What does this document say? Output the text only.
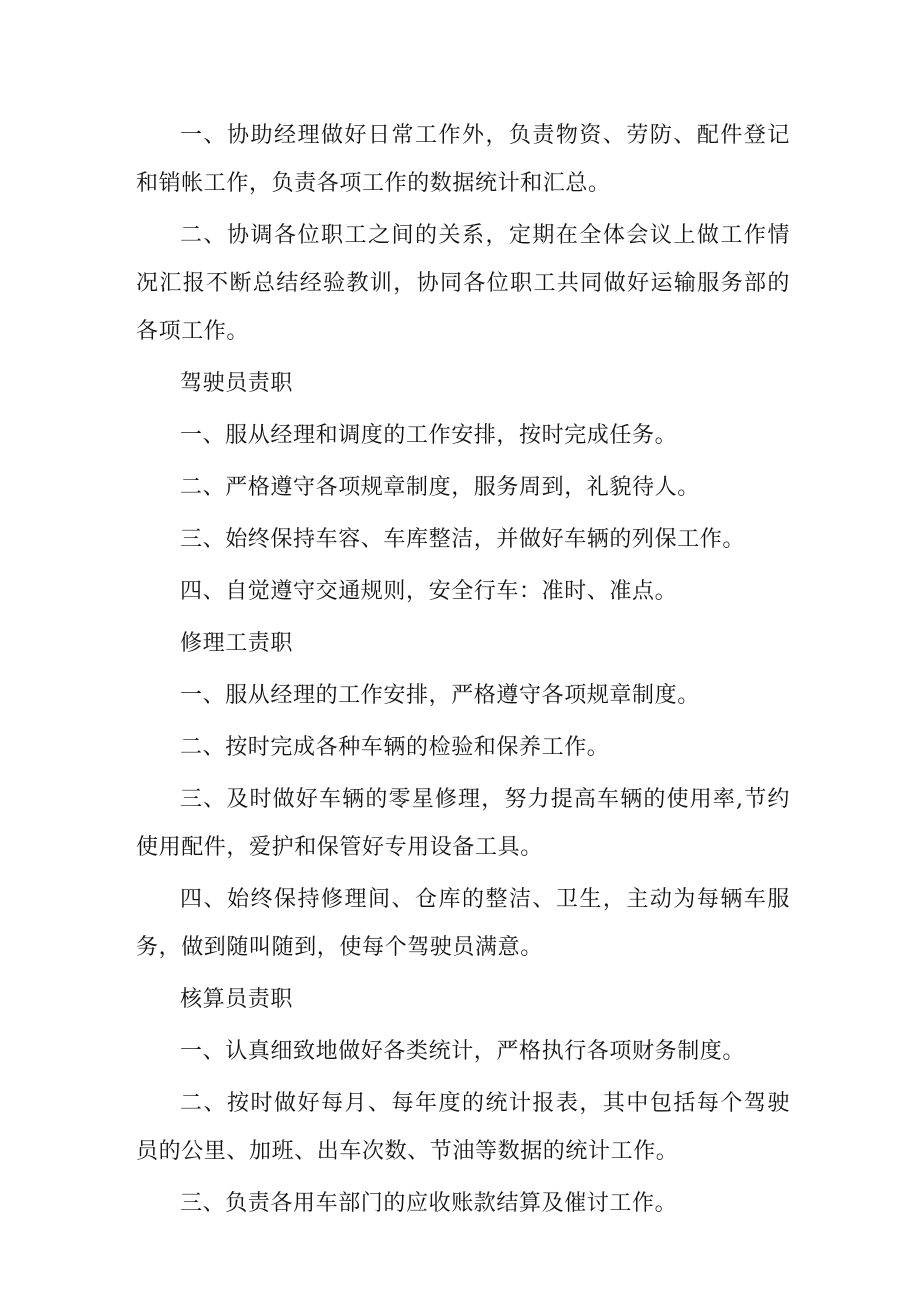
一、协助经理做好日常工作外，负责物资、劳防、配件登记和销帐工作，负责各项工作的数据统计和汇总。

二、协调各位职工之间的关系，定期在全体会议上做工作情况汇报不断总结经验教训，协同各位职工共同做好运输服务部的各项工作。

驾驶员责职

一、服从经理和调度的工作安排，按时完成任务。

二、严格遵守各项规章制度，服务周到，礼貌待人。

三、始终保持车容、车库整洁，并做好车辆的列保工作。

四、自觉遵守交通规则，安全行车：准时、准点。

修理工责职

一、服从经理的工作安排，严格遵守各项规章制度。

二、按时完成各种车辆的检验和保养工作。

三、及时做好车辆的零星修理，努力提高车辆的使用率,节约使用配件，爱护和保管好专用设备工具。

四、始终保持修理间、仓库的整洁、卫生，主动为每辆车服务，做到随叫随到，使每个驾驶员满意。

核算员责职

一、认真细致地做好各类统计，严格执行各项财务制度。

二、按时做好每月、每年度的统计报表，其中包括每个驾驶员的公里、加班、出车次数、节油等数据的统计工作。

三、负责各用车部门的应收账款结算及催讨工作。
